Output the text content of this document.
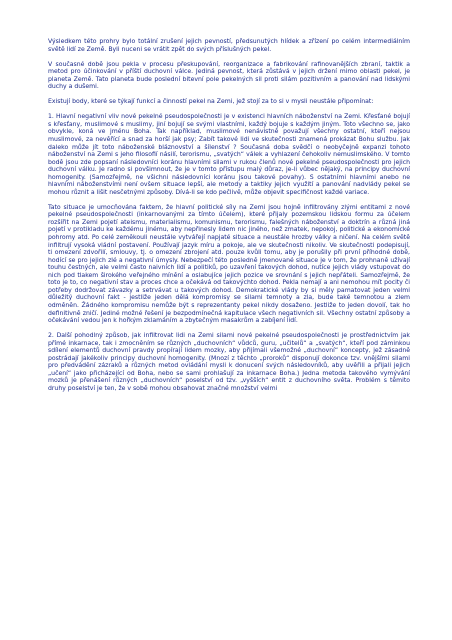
Výsledkem této prohry bylo totální zrušení jejich pevností, předsunutých hlídek a zřízení po celém intermediálním světě lidí ze Země. Byli nuceni se vrátit zpět do svých příslušných pekel.

V současné době jsou pekla v procesu přeskupování, reorganizace a fabrikování rafinovanějších zbraní, taktik a metod pro účinkování v příští duchovní válce. Jediná pevnost, která zůstává v jejich držení mimo oblasti pekel, je planeta Země. Tato planeta bude poslední bitevní pole pekelných sil proti silám pozitivním a panování nad lidskými duchy a dušemi.

Existují body, které se týkají funkcí a činností pekel na Zemi, jež stojí za to si v mysli neustále připomínat:

1. Hlavní negativní vliv nové pekelné pseudospolečnosti je v existenci hlavních náboženství na Zemi. Křesťané bojují s křesťany, muslimové s muslimy, jiní bojují se svými vlastními, každý bojuje s každým jiným. Toto všechno se, jako obvykle, koná ve jménu Boha. Tak například, muslimové nenávistně považují všechny ostatní, kteří nejsou muslimové, za nevěřící a snad za horší jak psy; Zabít takové lidi ve skutečnosti znamená prokázat Bohu službu. Jak daleko může jít toto náboženské bláznovství a šílenství ? Současná doba svědčí o neobyčejně expanzi tohoto náboženství na Zemi s jeho filosofií násilí, terorismu, „svatých“ válek a vyhlazení čehokoliv nemuslimského. V tomto bodě jsou zde popsaní následovníci koránu hlavními silami v rukou členů nové pekelné pseudospolečnosti pro jejich duchovní válku. Je radno si povšimnout, že je v tomto přístupu malý důraz, je-li vůbec nějaký, na principy duchovní homogenity. (Samozřejmě, ne všichni následovníci koránu jsou takové povahy). S ostatními hlavními anebo ne hlavními náboženstvími není ovšem situace lepší, ale metody a taktiky jejich využití a panování nadvlády pekel se mohou různit a lišit nesčetnými způsoby. Dívá-li se kdo pečlivě, může objevit specifičnost každé variace.

Tato situace je umocňována faktem, že hlavní politické síly na Zemi jsou hojně infiltrovány zlými entitami z nové pekelné pseudospolečnosti (inkarnovanými za tímto účelem), které přijaly pozemskou lidskou formu za účelem rozšířit na Zemi pojetí ateismu, materialismu, komunismu, terorismu, falešných náboženství a doktrín a různá jiná pojetí v protikladu ke každému jinému, aby nepřinesly lidem nic jiného, než zmatek, nepokoj, politické a ekonomické pohromy atd. Po celé zeměkouli neustále vytvářejí napjaté situace a neustále hrozby války a ničení. Na celém světě infiltrují vysoká vládní postavení. Používají jazyk míru a pokoje, ale ve skutečnosti nikoliv. Ve skutečnosti podepisují, ti omezení zdvořilí, smlouvy, tj. o omezení zbrojení atd. pouze kvůli tomu, aby je porušily při první příhodné době, hodící se pro jejich zlé a negativní úmysly. Nebezpečí této posledně jmenované situace je v tom, že prohnaně užívají touhu čestných, ale velmi často naivních lidí a politiků, po uzavření takových dohod, nutíce jejich vlády vstupovat do nich pod tlakem širokého veřejného mínění a oslabujíce jejich pozice ve srovnání s jejich nepřáteli. Samozřejmě, že toto je to, co negativní stav a proces chce a očekává od takovýchto dohod. Pekla nemají a ani nemohou mít pocity či potřeby dodržovat závazky a setrvávat u takových dohod. Demokratické vlády by si měly pamatovat jeden velmi důležitý duchovní fakt - jestliže jeden dělá kompromisy se silami temnoty a zla, bude také temnotou a zlem odměněn. Žádného kompromisu nemůže být s reprezentanty pekel nikdy dosaženo. Jestliže to jeden dovolí, tak ho definitivně zničí. Jediné možné řešení je bezpodmínečná kapitulace všech negativních sil. Všechny ostatní způsoby a očekávání vedou jen k hořkým zklamáním a zbytečným masakrům a zabíjení lidí.

2. Další pohodlný způsob, jak infiltrovat lidi na Zemi silami nové pekelné pseudospolečnosti je prostřednictvím jak přímé inkarnace, tak i zmocněním se různých „duchovních“ vůdců, guru, „učitelů“ a „svatých“, kteří pod záminkou sdílení elementů duchovní pravdy propírají lidem mozky, aby přijímali všemožné „duchovní“ koncepty, jež zásadně postrádají jakékoliv principy duchovní homogenity. (Mnozí z těchto „proroků“ disponují dokonce tzv. vnějšími silami pro předvádění zázraků a různých metod ovládání mysli k donucení svých následovníků, aby uvěřili a přijali jejich „učení“ jako přicházející od Boha, nebo se sami prohlašují za inkarnace Boha.) Jedna metoda takového vymývání mozků je přenášení různých „duchovních“ poselství od tzv. „vyšších“ entit z duchovního světa. Problém s těmito druhy poselství je ten, že v sobě mohou obsahovat značné množství velmi
